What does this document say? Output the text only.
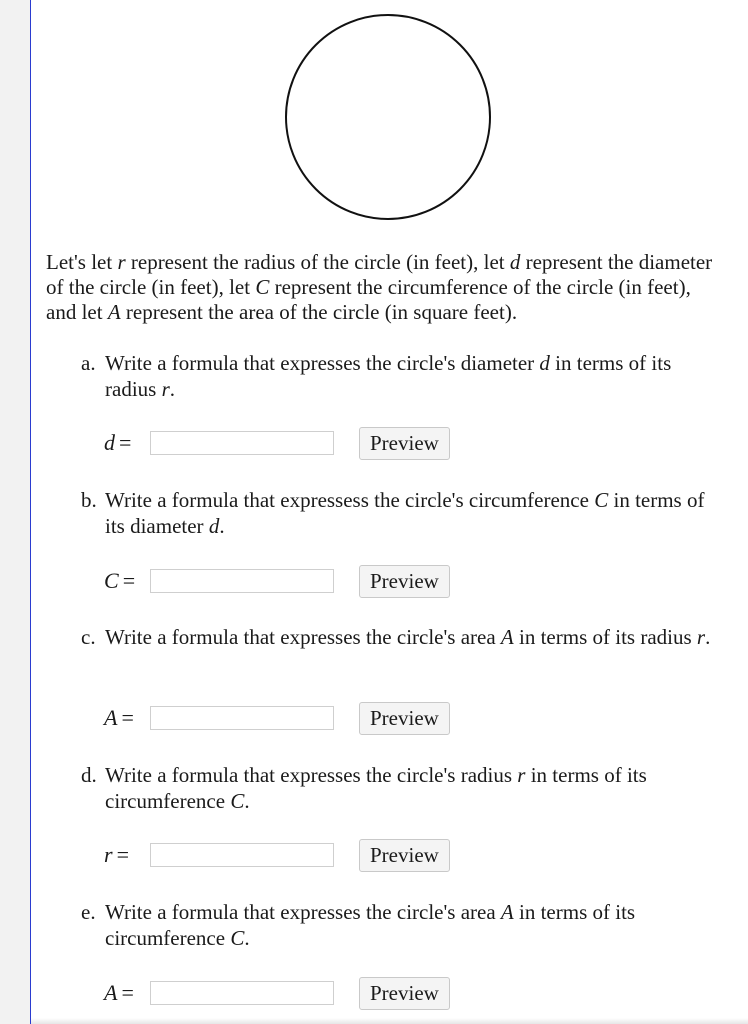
Let's let r represent the radius of the circle (in feet), let d represent the diameter of the circle (in feet), let C represent the circumference of the circle (in feet), and let A represent the area of the circle (in square feet).
a. Write a formula that expresses the circle's diameter d in terms of its radius r.
d =	Preview
b. Write a formula that expressess the circle's circumference C in terms of its diameter d.
C =	Preview
c. Write a formula that expresses the circle's area A in terms of its radius r.
A =	Preview
d. Write a formula that expresses the circle's radius r in terms of its circumference C.
r =	Preview
e. Write a formula that expresses the circle's area A in terms of its circumference C.
A =	Preview
